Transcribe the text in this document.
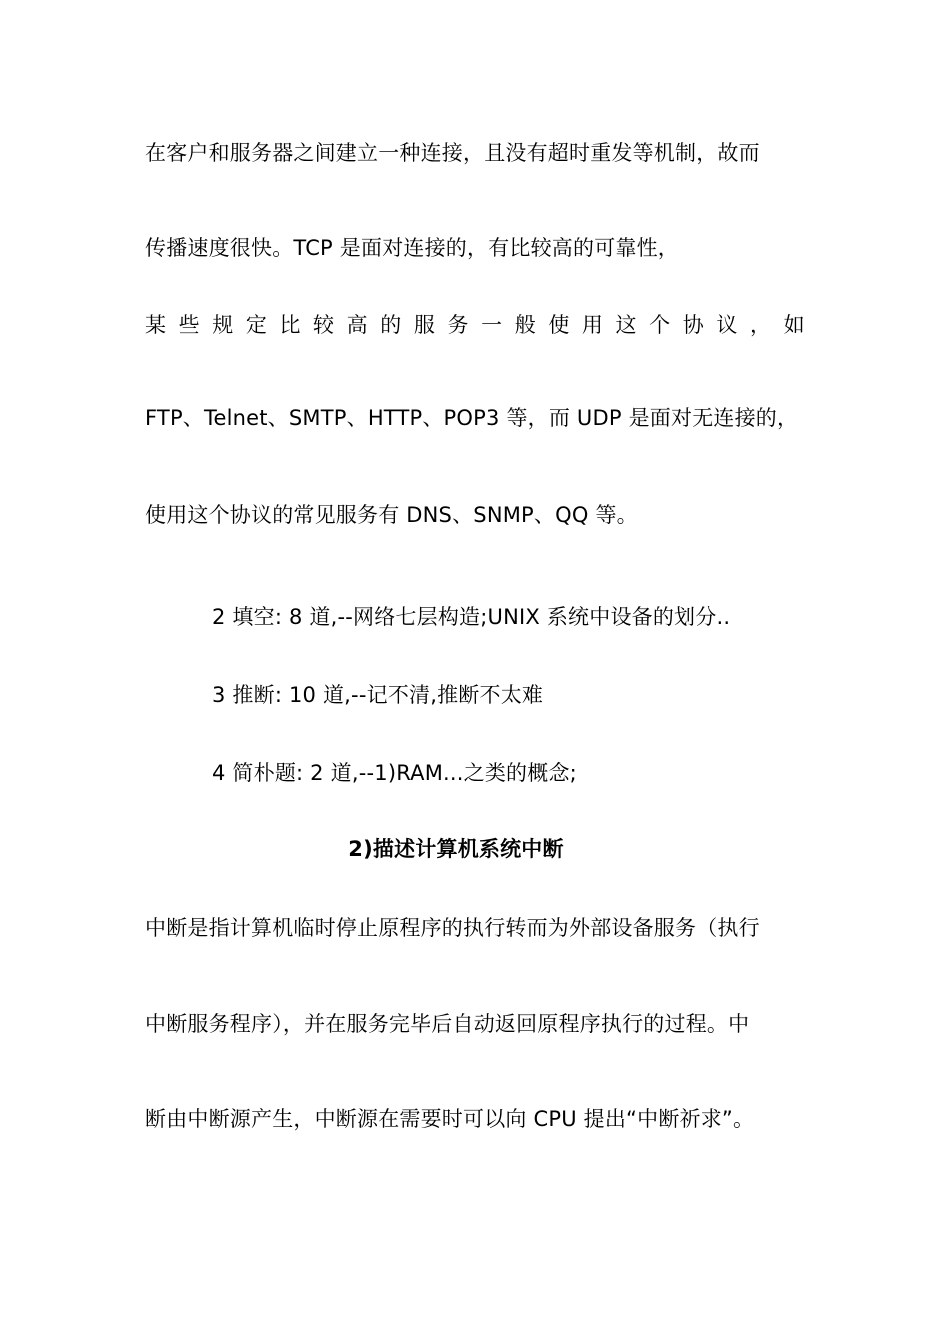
在客户和服务器之间建立一种连接，且没有超时重发等机制，故而
传播速度很快。TCP 是面对连接的，有比较高的可靠性，
某 些 规 定 比 较 高 的 服 务 一 般 使 用 这 个 协 议 ， 如
FTP、Telnet、SMTP、HTTP、POP3 等，而 UDP 是面对无连接的，
使用这个协议的常见服务有 DNS、SNMP、QQ 等。
2 填空: 8 道,--网络七层构造;UNIX 系统中设备的划分..
3 推断: 10 道,--记不清,推断不太难
4 简朴题: 2 道,--1)RAM...之类的概念;
2)描述计算机系统中断
中断是指计算机临时停止原程序的执行转而为外部设备服务（执行
中断服务程序），并在服务完毕后自动返回原程序执行的过程。中
断由中断源产生，中断源在需要时可以向 CPU 提出“中断祈求”。
